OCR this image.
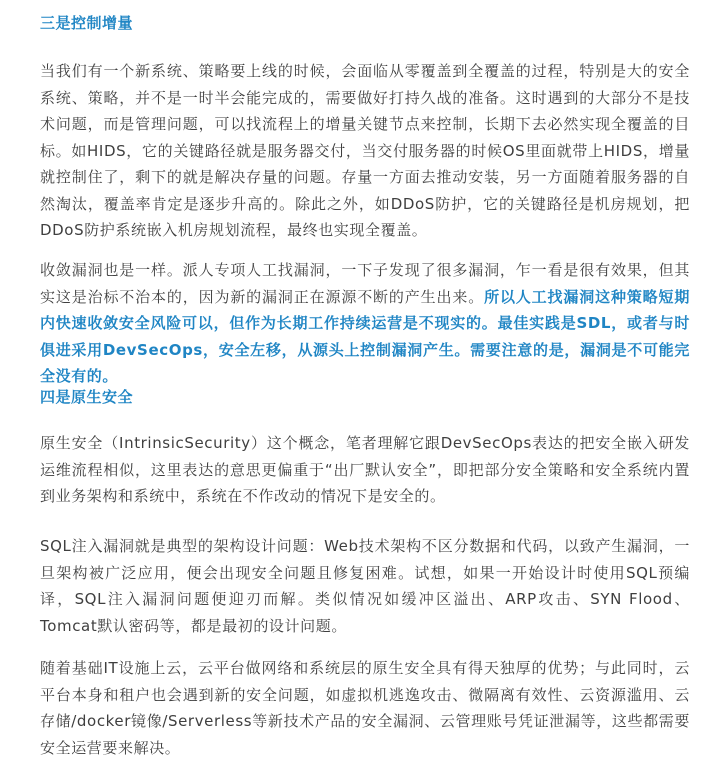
三是控制增量

当我们有一个新系统、策略要上线的时候，会面临从零覆盖到全覆盖的过程，特别是大的安全系统、策略，并不是一时半会能完成的，需要做好打持久战的准备。这时遇到的大部分不是技术问题，而是管理问题，可以找流程上的增量关键节点来控制，长期下去必然实现全覆盖的目标。如HIDS，它的关键路径就是服务器交付，当交付服务器的时候OS里面就带上HIDS，增量就控制住了，剩下的就是解决存量的问题。存量一方面去推动安装，另一方面随着服务器的自然淘汰，覆盖率肯定是逐步升高的。除此之外，如DDoS防护，它的关键路径是机房规划，把DDoS防护系统嵌入机房规划流程，最终也实现全覆盖。

收敛漏洞也是一样。派人专项人工找漏洞，一下子发现了很多漏洞，乍一看是很有效果，但其实这是治标不治本的，因为新的漏洞正在源源不断的产生出来。所以人工找漏洞这种策略短期内快速收敛安全风险可以，但作为长期工作持续运营是不现实的。最佳实践是SDL，或者与时俱进采用DevSecOps，安全左移，从源头上控制漏洞产生。需要注意的是，漏洞是不可能完全没有的。

四是原生安全

原生安全（IntrinsicSecurity）这个概念，笔者理解它跟DevSecOps表达的把安全嵌入研发运维流程相似，这里表达的意思更偏重于“出厂默认安全”，即把部分安全策略和安全系统内置到业务架构和系统中，系统在不作改动的情况下是安全的。

SQL注入漏洞就是典型的架构设计问题：Web技术架构不区分数据和代码，以致产生漏洞，一旦架构被广泛应用，便会出现安全问题且修复困难。试想，如果一开始设计时使用SQL预编译，SQL注入漏洞问题便迎刃而解。类似情况如缓冲区溢出、ARP攻击、SYN Flood、Tomcat默认密码等，都是最初的设计问题。

随着基础IT设施上云，云平台做网络和系统层的原生安全具有得天独厚的优势；与此同时，云平台本身和租户也会遇到新的安全问题，如虚拟机逃逸攻击、微隔离有效性、云资源滥用、云存储/docker镜像/Serverless等新技术产品的安全漏洞、云管理账号凭证泄漏等，这些都需要安全运营要来解决。
